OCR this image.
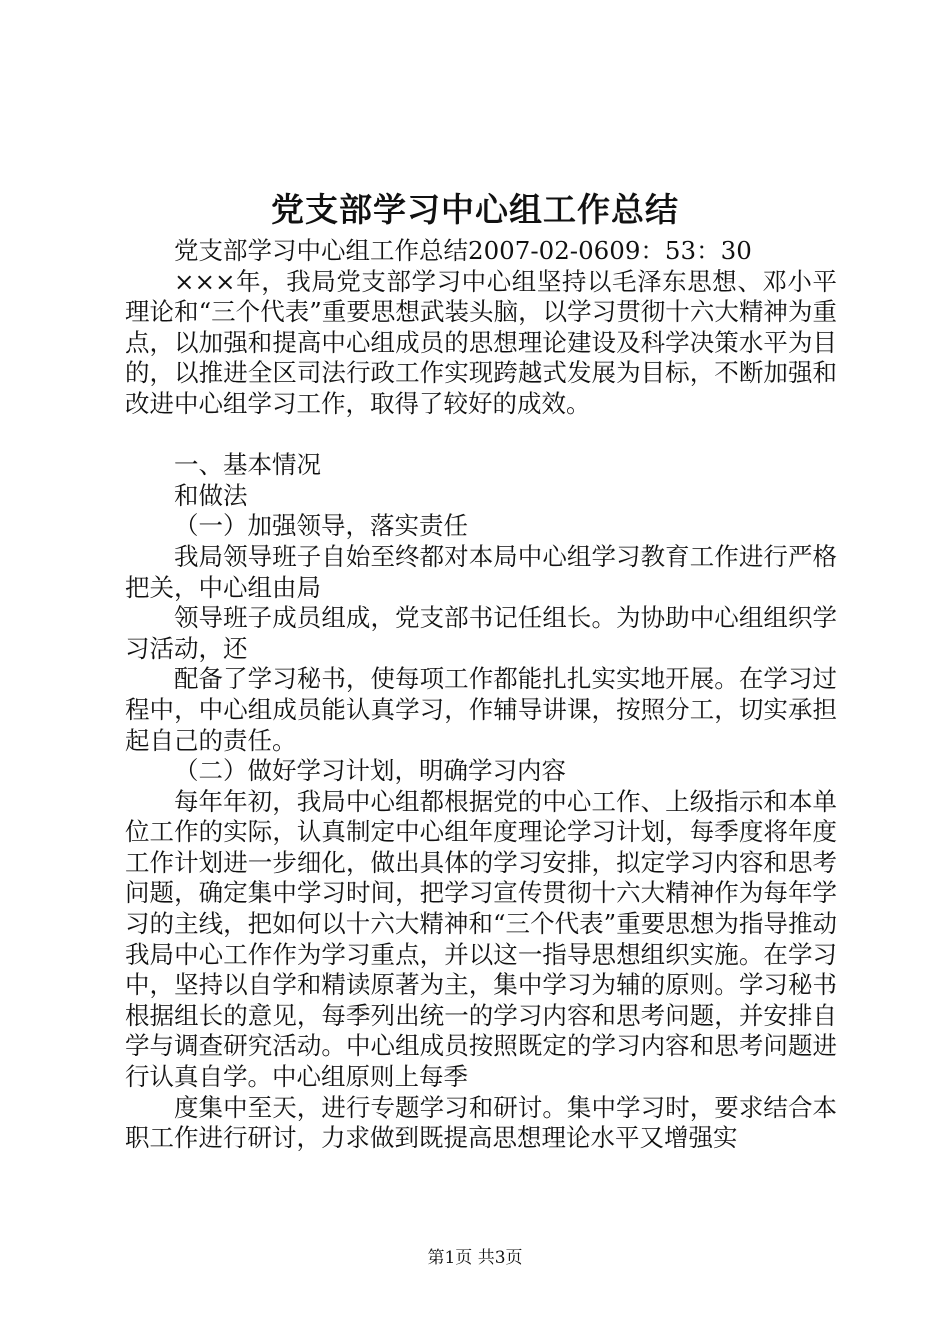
党支部学习中心组工作总结

党支部学习中心组工作总结2007-02-0609：53：30

×××年，我局党支部学习中心组坚持以毛泽东思想、邓小平理论和“三个代表”重要思想武装头脑，以学习贯彻十六大精神为重点，以加强和提高中心组成员的思想理论建设及科学决策水平为目的，以推进全区司法行政工作实现跨越式发展为目标，不断加强和改进中心组学习工作，取得了较好的成效。

一、基本情况

和做法

（一）加强领导，落实责任

我局领导班子自始至终都对本局中心组学习教育工作进行严格把关，中心组由局

领导班子成员组成，党支部书记任组长。为协助中心组组织学习活动，还

配备了学习秘书，使每项工作都能扎扎实实地开展。在学习过程中，中心组成员能认真学习，作辅导讲课，按照分工，切实承担起自己的责任。

（二）做好学习计划，明确学习内容

每年年初，我局中心组都根据党的中心工作、上级指示和本单位工作的实际，认真制定中心组年度理论学习计划，每季度将年度工作计划进一步细化，做出具体的学习安排，拟定学习内容和思考问题，确定集中学习时间，把学习宣传贯彻十六大精神作为每年学习的主线，把如何以十六大精神和“三个代表”重要思想为指导推动我局中心工作作为学习重点，并以这一指导思想组织实施。在学习中，坚持以自学和精读原著为主，集中学习为辅的原则。学习秘书根据组长的意见，每季列出统一的学习内容和思考问题，并安排自学与调查研究活动。中心组成员按照既定的学习内容和思考问题进行认真自学。中心组原则上每季

度集中至天，进行专题学习和研讨。集中学习时，要求结合本职工作进行研讨，力求做到既提高思想理论水平又增强实

第1页 共3页
